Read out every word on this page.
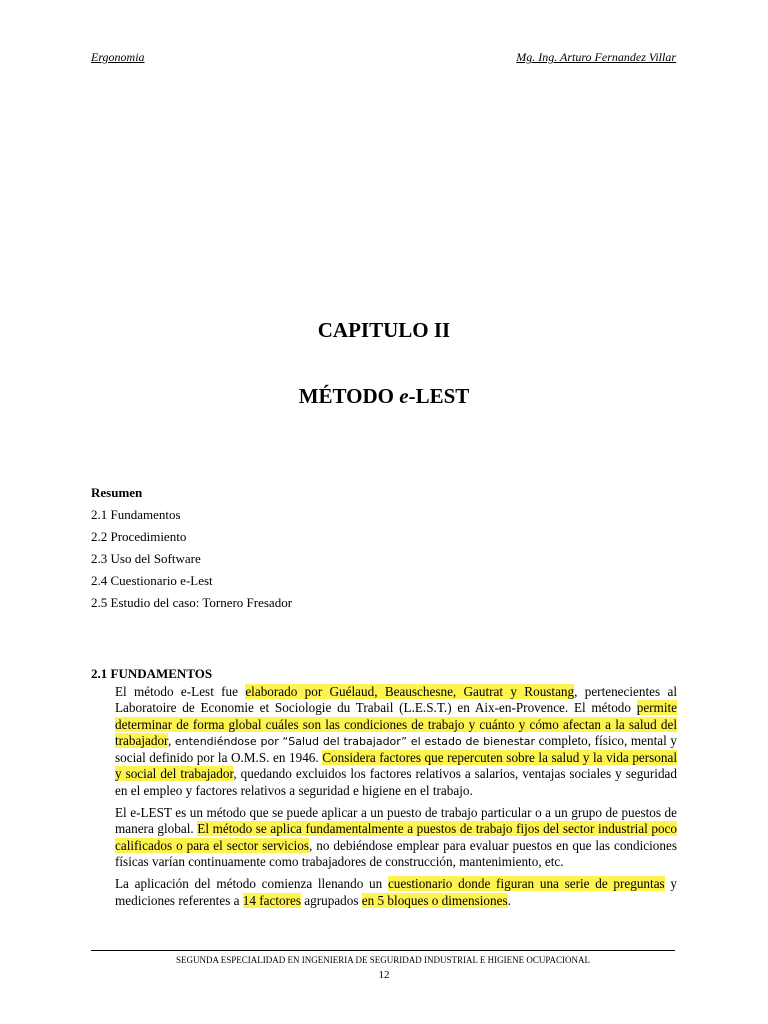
Ergonomia	Mg. Ing. Arturo Fernandez Villar
CAPITULO II
MÉTODO e-LEST
Resumen
2.1 Fundamentos
2.2 Procedimiento
2.3 Uso del Software
2.4 Cuestionario e-Lest
2.5 Estudio del caso: Tornero Fresador
2.1 FUNDAMENTOS

El método e-Lest fue elaborado por Guélaud, Beauschesne, Gautrat y Roustang, pertenecientes al Laboratoire de Economie et Sociologie du Trabail (L.E.S.T.) en Aix-en-Provence. El método permite determinar de forma global cuáles son las condiciones de trabajo y cuánto y cómo afectan a la salud del trabajador, entendiéndose por “Salud del trabajador” el estado de bienestar completo, físico, mental y social definido por la O.M.S. en 1946. Considera factores que repercuten sobre la salud y la vida personal y social del trabajador, quedando excluidos los factores relativos a salarios, ventajas sociales y seguridad en el empleo y factores relativos a seguridad e higiene en el trabajo.

El e-LEST es un método que se puede aplicar a un puesto de trabajo particular o a un grupo de puestos de manera global. El método se aplica fundamentalmente a puestos de trabajo fijos del sector industrial poco calificados o para el sector servicios, no debiéndose emplear para evaluar puestos en que las condiciones físicas varían continuamente como trabajadores de construcción, mantenimiento, etc.

La aplicación del método comienza llenando un cuestionario donde figuran una serie de preguntas y mediciones referentes a 14 factores agrupados en 5 bloques o dimensiones.

SEGUNDA ESPECIALIDAD EN INGENIERIA DE SEGURIDAD INDUSTRIAL E HIGIENE OCUPACIONAL
12
